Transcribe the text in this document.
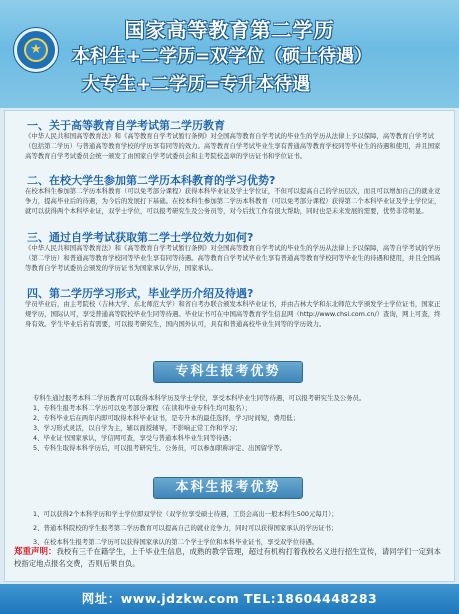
★
国家高等教育第二学历
本科生+二学历=双学位（硕士待遇）
大专生+二学历=专升本待遇
一、关于高等教育自学考试第二学历教育
《中华人民共和国高等教育法》和《高等教育自学考试暂行条例》对全国高等教育自学考试的毕业生的学历从法律上予以保障，高等教育自学考试（包括第二学历）与普通高等教育学校的学历享有同等的效力。高等教育自学考试毕业生享有普通高等教育学校同等毕业生的待遇和使用，并且国家高等教育自学考试委员会统一颁发了由国家自学考试委员会和主考院校盖章的学历证书和学位证书。
二、在校大学生参加第二学历本科教育的学习优势?
在校本科生参加第二学历本科教育（可以免考部分课程）获得本科毕业证及学士学位证，不但可以提高自己的学历层次，而且可以增加自己的就业竞争力，提高毕业后的待遇，为今后的发展打下基础。在校本科生参加第二学历本科教育（可以免考部分课程）获得第二个本科毕业证及学士学位证，就可以获得两个本科毕业证，双学士学位，可以报考研究生及公务员等，对今后找工作有很大帮助，同时也是未来发展的需要，优势非常明显。
三、通过自学考试获取第二学士学位效力如何?
《中华人民共和国高等教育法》和《高等教育自学考试暂行条例》对全国高等教育自学考试的毕业生的学历从法律上予以保障，高等自学考试的学历（第二学历）和普通高等教育学校同等毕业生享有同等待遇。高等教育自学考试毕业生享有普通高等教育学校同等毕业生的待遇和使用，并且全国高等教育自学考试委员会颁发的学历证书为国家承认学历，国家承认。
四、第二学历学习形式，毕业学历介绍及待遇?
学员毕业后，由主考院校（吉林大学、东北师范大学）和省自考办联合颁发本科毕业证书，并由吉林大学和东北师范大学颁发学士学位证书，国家正规学历，国际认可，享受普通高等院校毕业生同等待遇。毕业证书可在中国高等教育学生信息网（http://www.chsi.com.cn/）查询，网上可查，终身有效。学生毕业后若有需要，可以报考研究生，国内国外认可，具有和普通高校毕业生同等的学历效力。
专科生报考优势
专科生通过报考本科二学历教育可以取得本科学历及学士学位，享受本科毕业生同等待遇，可以报考研究生及公务员。
1、专科生报考本科二学历可以免考部分课程（在读和毕业专科生均可报名）；
2、专科毕业后在两年内即可取得本科毕业证书，是专升本的最佳选择，学习时间短，费用低；
3、学习形式灵活，以自学为主，辅以面授辅导，不影响正常工作和学习；
4、毕业证书国家承认，学信网可查，享受与普通本科毕业生同等待遇；
5、专科生取得本科学历后，可以报考研究生、公务员，可以参加职称评定、出国留学等。
本科生报考优势
1、可以获得2个本科学历和学士学位即双学位（双学位享受硕士待遇，工资会高出一般本科生500元每月）；
2、普通本科院校的学生报考第二学历教育可以提高自己的就业竞争力，同时可以获得国家承认的学历证书；
3、在校本科生报考第二学历可以获得国家承认的第二个学士学位和本科毕业证书，享受双学位待遇。
郑重声明：我校有三千在籍学生，上千毕业生信息，成熟的教学管理，超过有机构打着我校名义进行招生宣传，请同学们一定到本校指定地点报名交费，否则后果自负。
网址：www.jdzkw.com TEL:18604448283
